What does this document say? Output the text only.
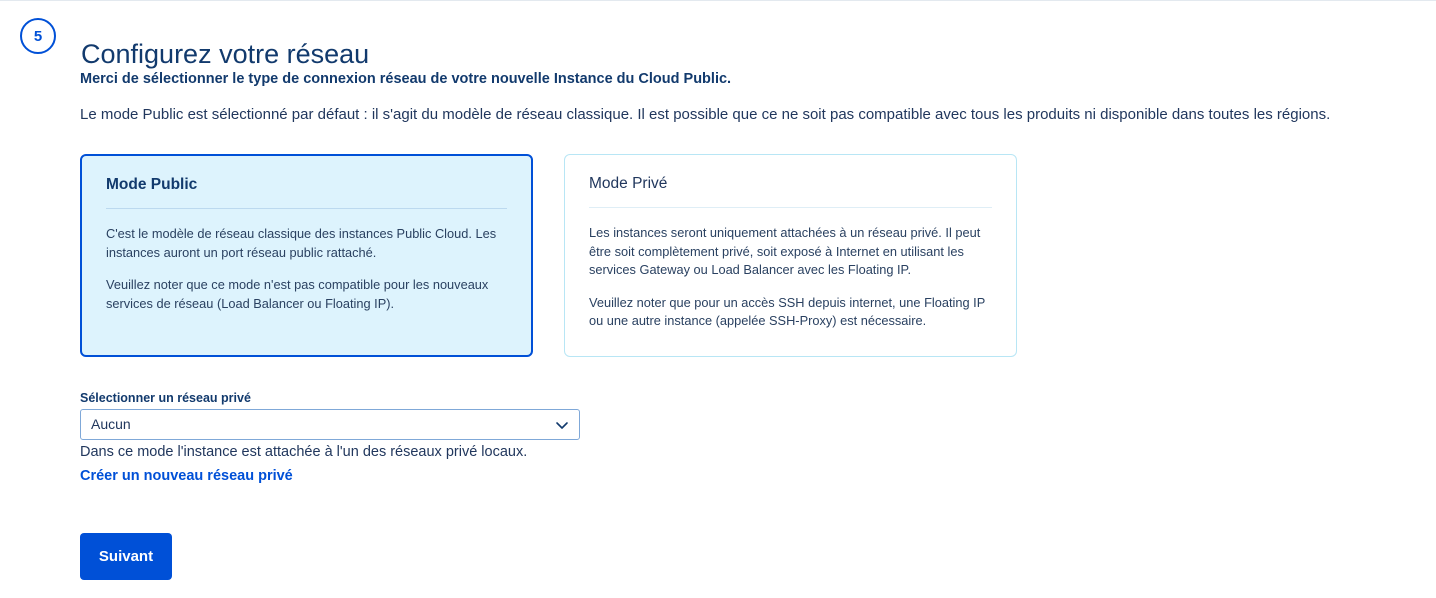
5
Configurez votre réseau
Merci de sélectionner le type de connexion réseau de votre nouvelle Instance du Cloud Public.
Le mode Public est sélectionné par défaut : il s'agit du modèle de réseau classique. Il est possible que ce ne soit pas compatible avec tous les produits ni disponible dans toutes les régions.
Mode Public

C'est le modèle de réseau classique des instances Public Cloud. Les instances auront un port réseau public rattaché.

Veuillez noter que ce mode n'est pas compatible pour les nouveaux services de réseau (Load Balancer ou Floating IP).

Mode Privé

Les instances seront uniquement attachées à un réseau privé. Il peut être soit complètement privé, soit exposé à Internet en utilisant les services Gateway ou Load Balancer avec les Floating IP.

Veuillez noter que pour un accès SSH depuis internet, une Floating IP ou une autre instance (appelée SSH-Proxy) est nécessaire.

Sélectionner un réseau privé
Aucun
Dans ce mode l'instance est attachée à l'un des réseaux privé locaux.
Créer un nouveau réseau privé
Suivant
